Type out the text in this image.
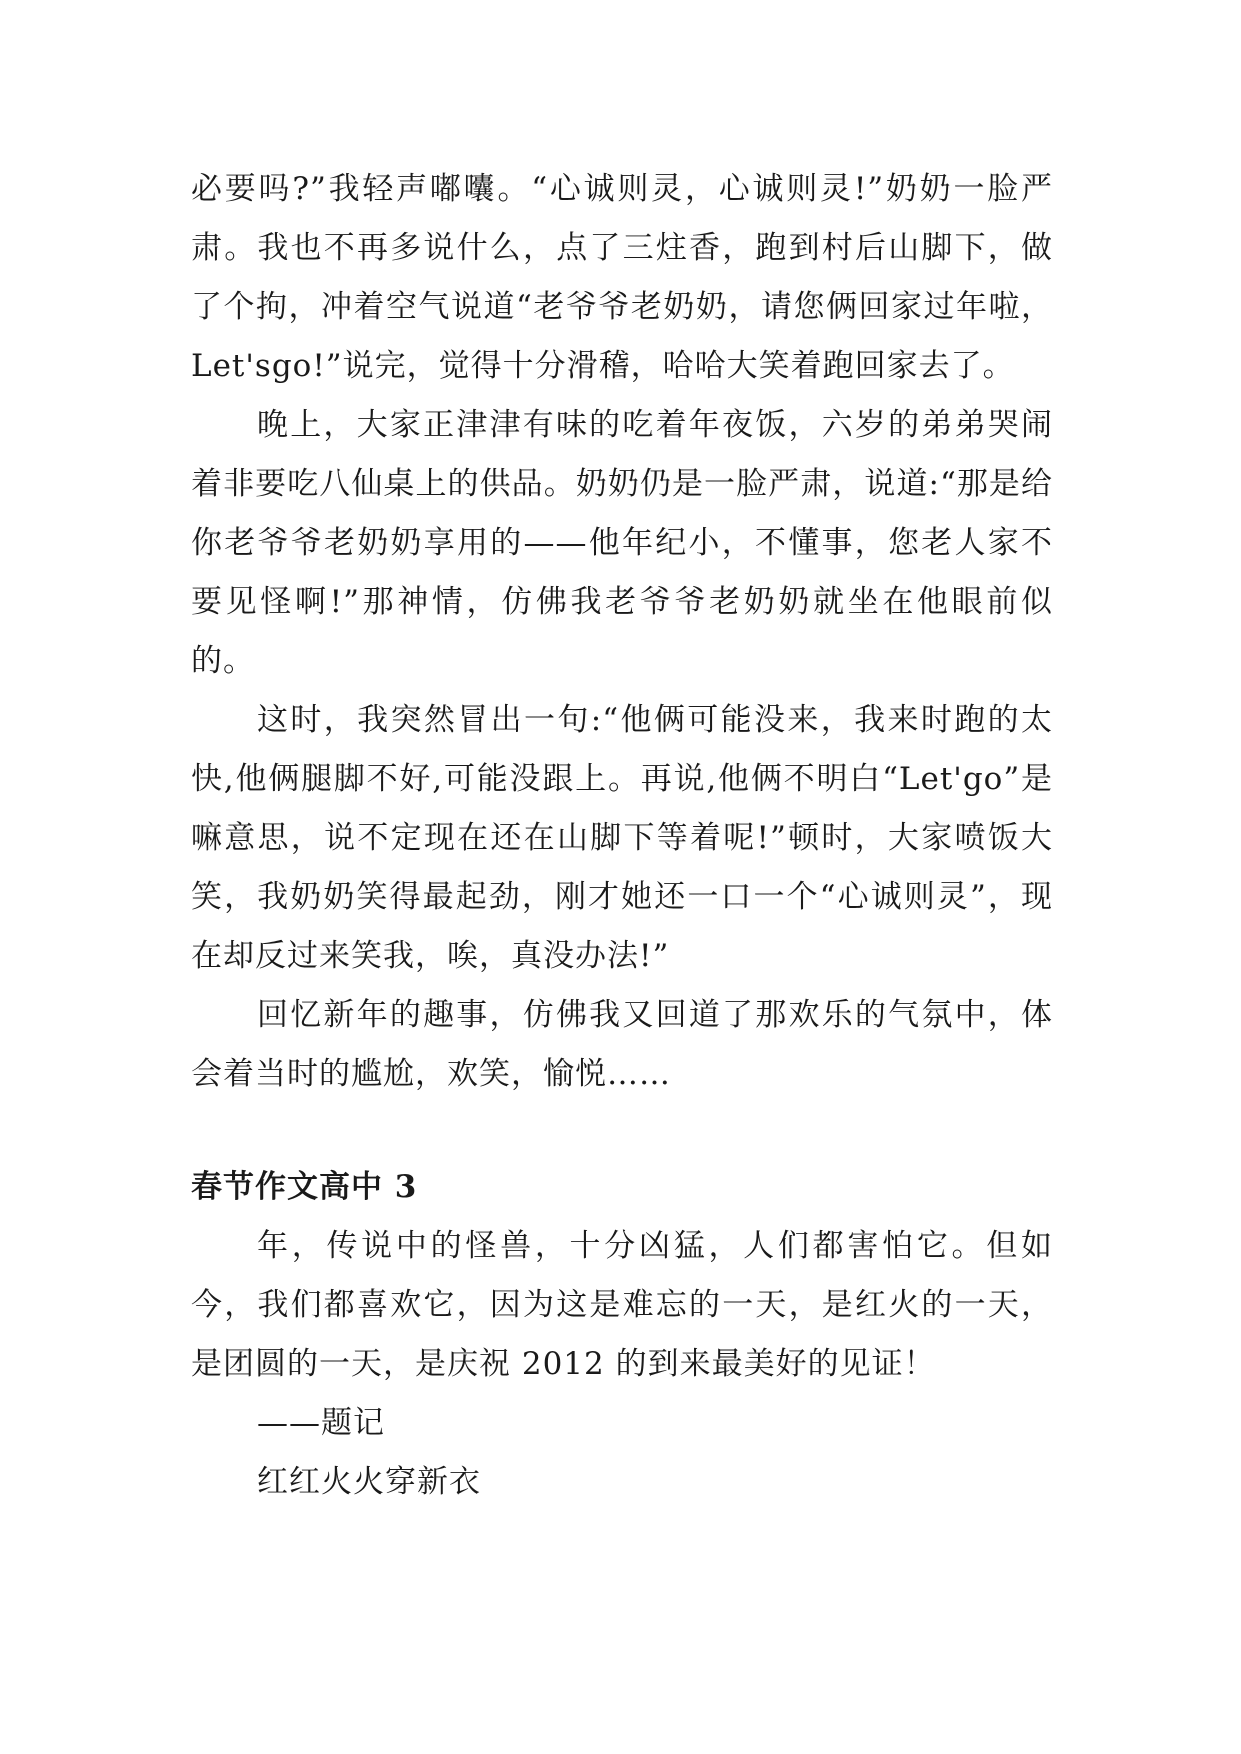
必要吗?”我轻声嘟囔。“心诚则灵，心诚则灵!”奶奶一脸严肃。我也不再多说什么，点了三炷香，跑到村后山脚下，做了个拘，冲着空气说道“老爷爷老奶奶，请您俩回家过年啦，Let'sgo!”说完，觉得十分滑稽，哈哈大笑着跑回家去了。

晚上，大家正津津有味的吃着年夜饭，六岁的弟弟哭闹着非要吃八仙桌上的供品。奶奶仍是一脸严肃，说道:“那是给你老爷爷老奶奶享用的——他年纪小，不懂事，您老人家不要见怪啊!”那神情，仿佛我老爷爷老奶奶就坐在他眼前似的。

这时，我突然冒出一句:“他俩可能没来，我来时跑的太快,他俩腿脚不好,可能没跟上。再说,他俩不明白“Let'go”是嘛意思，说不定现在还在山脚下等着呢!”顿时，大家喷饭大笑，我奶奶笑得最起劲，刚才她还一口一个“心诚则灵”，现在却反过来笑我，唉，真没办法!”

回忆新年的趣事，仿佛我又回道了那欢乐的气氛中，体会着当时的尴尬，欢笑，愉悦……

春节作文高中 3

年，传说中的怪兽，十分凶猛，人们都害怕它。但如今，我们都喜欢它，因为这是难忘的一天，是红火的一天，是团圆的一天，是庆祝 2012 的到来最美好的见证！

——题记

红红火火穿新衣
